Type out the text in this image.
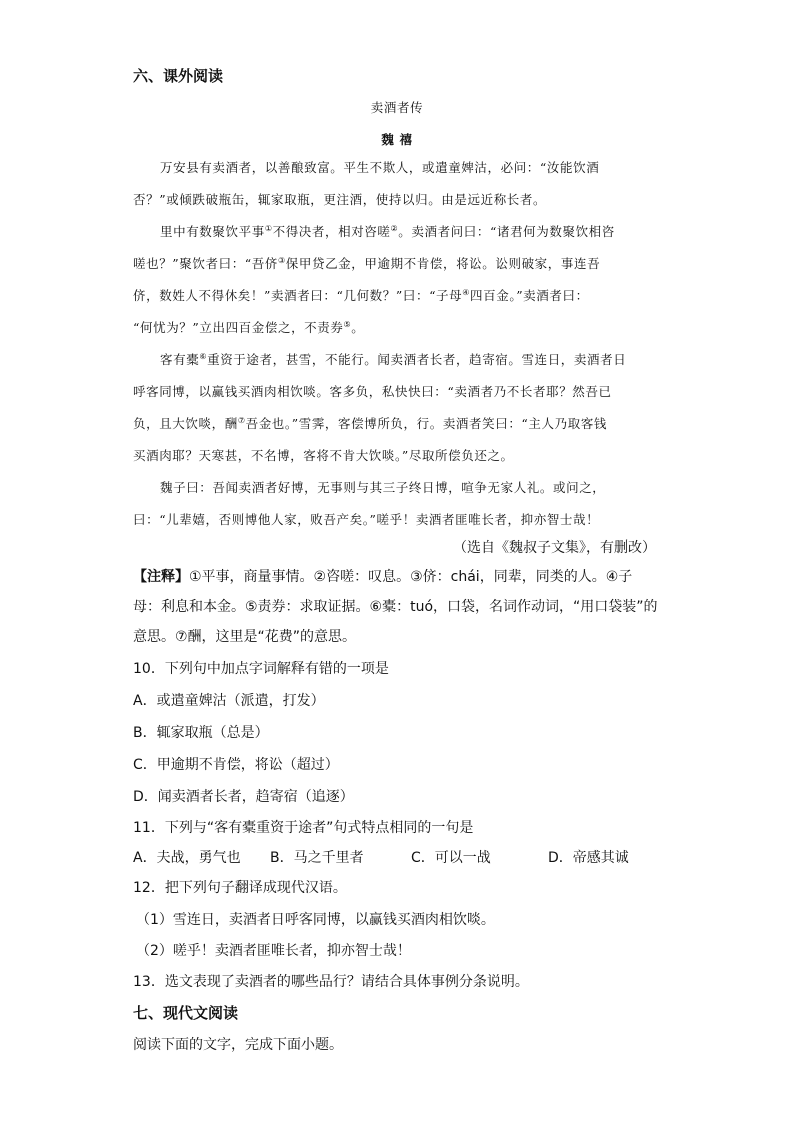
六、课外阅读
卖酒者传
魏 禧
万安县有卖酒者，以善酿致富。平生不欺人，或遣童婢沽，必问：“汝能饮酒
否？”或倾跌破瓶缶，辄家取瓶，更注酒，使持以归。由是远近称长者。
里中有数聚饮平事①不得决者，相对咨嗟②。卖酒者问曰：“诸君何为数聚饮相咨
嗟也？”聚饮者曰：“吾侪③保甲贷乙金，甲逾期不肯偿，将讼。讼则破家，事连吾
侪，数姓人不得休矣！”卖酒者曰：“几何数？”曰：“子母④四百金。”卖酒者曰：
“何忧为？”立出四百金偿之，不责券⑤。
客有橐⑥重资于途者，甚雪，不能行。闻卖酒者长者，趋寄宿。雪连日，卖酒者日
呼客同博，以赢钱买酒肉相饮啖。客多负，私快快曰：“卖酒者乃不长者耶？然吾已
负，且大饮啖，酬⑦吾金也。”雪霁，客偿博所负，行。卖酒者笑曰：“主人乃取客钱
买酒肉耶？天寒甚，不名博，客将不肯大饮啖。”尽取所偿负还之。
魏子曰：吾闻卖酒者好博，无事则与其三子终日博，喧争无家人礼。或问之，
曰：“儿辈嬉，否则博他人家，败吾产矣。”嗟乎！卖酒者匪唯长者，抑亦智士哉！
（选自《魏叔子文集》，有删改）
【注释】①平事，商量事情。②咨嗟：叹息。③侪：chái，同辈，同类的人。④子
母：利息和本金。⑤责券：求取证据。⑥橐：tuó，口袋，名词作动词，“用口袋装”的
意思。⑦酬，这里是“花费”的意思。
10．下列句中加点字词解释有错的一项是
A．或遣童婢沽（派遣，打发）
B．辄家取瓶（总是）
C．甲逾期不肯偿，将讼（超过）
D．闻卖酒者长者，趋寄宿（追逐）
11．下列与“客有橐重资于途者”句式特点相同的一句是
A．夫战，勇气也 B．马之千里者	C．可以一战	D．帝感其诚
12．把下列句子翻译成现代汉语。
（1）雪连日，卖酒者日呼客同博，以赢钱买酒肉相饮啖。
（2）嗟乎！卖酒者匪唯长者，抑亦智士哉！
13．选文表现了卖酒者的哪些品行？请结合具体事例分条说明。
七、现代文阅读
阅读下面的文字，完成下面小题。
